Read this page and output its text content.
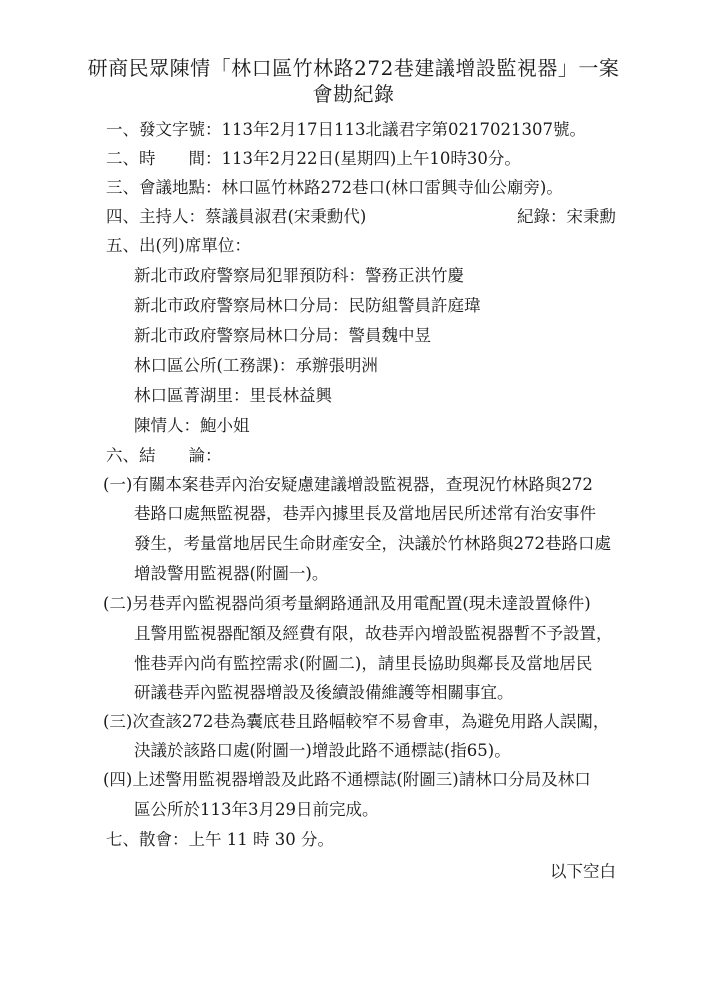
研商民眾陳情「林口區竹林路272巷建議增設監視器」一案
會勘紀錄
一、發文字號：113年2月17日113北議君字第0217021307號。
二、時　　間：113年2月22日(星期四)上午10時30分。
三、會議地點：林口區竹林路272巷口(林口雷興寺仙公廟旁)。
四、主持人：蔡議員淑君(宋秉勳代)	紀錄：宋秉勳
五、出(列)席單位：
新北市政府警察局犯罪預防科：警務正洪竹慶
新北市政府警察局林口分局：民防組警員許庭瑋
新北市政府警察局林口分局：警員魏中昱
林口區公所(工務課)：承辦張明洲
林口區菁湖里：里長林益興
陳情人：鮑小姐
六、結　　論：
(一)有關本案巷弄內治安疑慮建議增設監視器，查現況竹林路與272
巷路口處無監視器，巷弄內據里長及當地居民所述常有治安事件
發生，考量當地居民生命財產安全，決議於竹林路與272巷路口處
增設警用監視器(附圖一)。
(二)另巷弄內監視器尚須考量網路通訊及用電配置(現未達設置條件)
且警用監視器配額及經費有限，故巷弄內增設監視器暫不予設置，
惟巷弄內尚有監控需求(附圖二)，請里長協助與鄰長及當地居民
研議巷弄內監視器增設及後續設備維護等相關事宜。
(三)次查該272巷為囊底巷且路幅較窄不易會車，為避免用路人誤闖，
決議於該路口處(附圖一)增設此路不通標誌(指65)。
(四)上述警用監視器增設及此路不通標誌(附圖三)請林口分局及林口
區公所於113年3月29日前完成。
七、散會：上午 11 時 30 分。
以下空白
